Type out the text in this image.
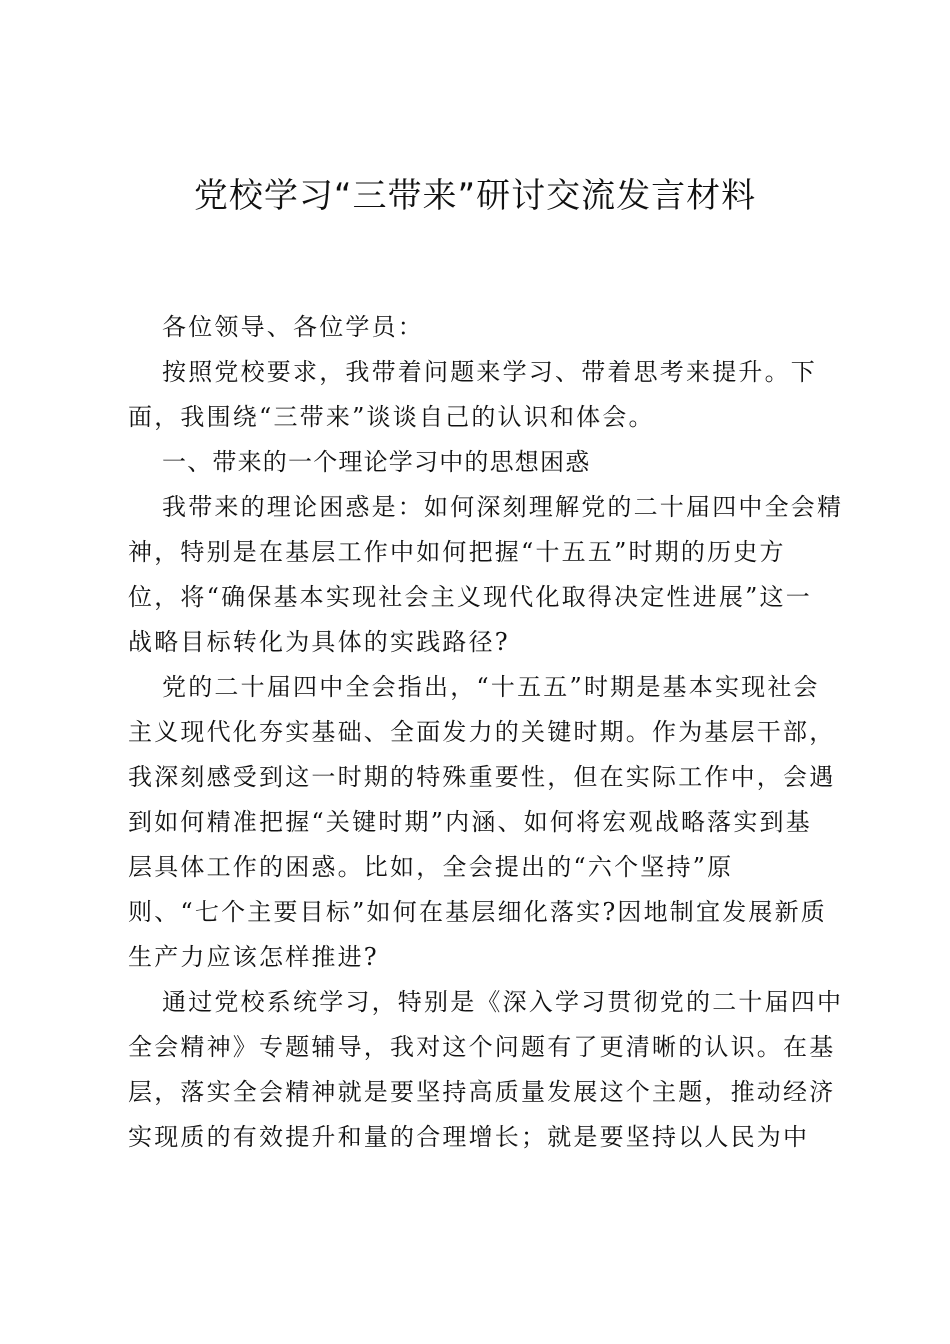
党校学习“三带来”研讨交流发言材料
各位领导、各位学员：
按照党校要求，我带着问题来学习、带着思考来提升。下
面，我围绕“三带来”谈谈自己的认识和体会。
一、带来的一个理论学习中的思想困惑
我带来的理论困惑是：如何深刻理解党的二十届四中全会精
神，特别是在基层工作中如何把握“十五五”时期的历史方
位，将“确保基本实现社会主义现代化取得决定性进展”这一
战略目标转化为具体的实践路径?
党的二十届四中全会指出，“十五五”时期是基本实现社会
主义现代化夯实基础、全面发力的关键时期。作为基层干部，
我深刻感受到这一时期的特殊重要性，但在实际工作中，会遇
到如何精准把握“关键时期”内涵、如何将宏观战略落实到基
层具体工作的困惑。比如，全会提出的“六个坚持”原
则、“七个主要目标”如何在基层细化落实?因地制宜发展新质
生产力应该怎样推进?
通过党校系统学习，特别是《深入学习贯彻党的二十届四中
全会精神》专题辅导，我对这个问题有了更清晰的认识。在基
层，落实全会精神就是要坚持高质量发展这个主题，推动经济
实现质的有效提升和量的合理增长；就是要坚持以人民为中
